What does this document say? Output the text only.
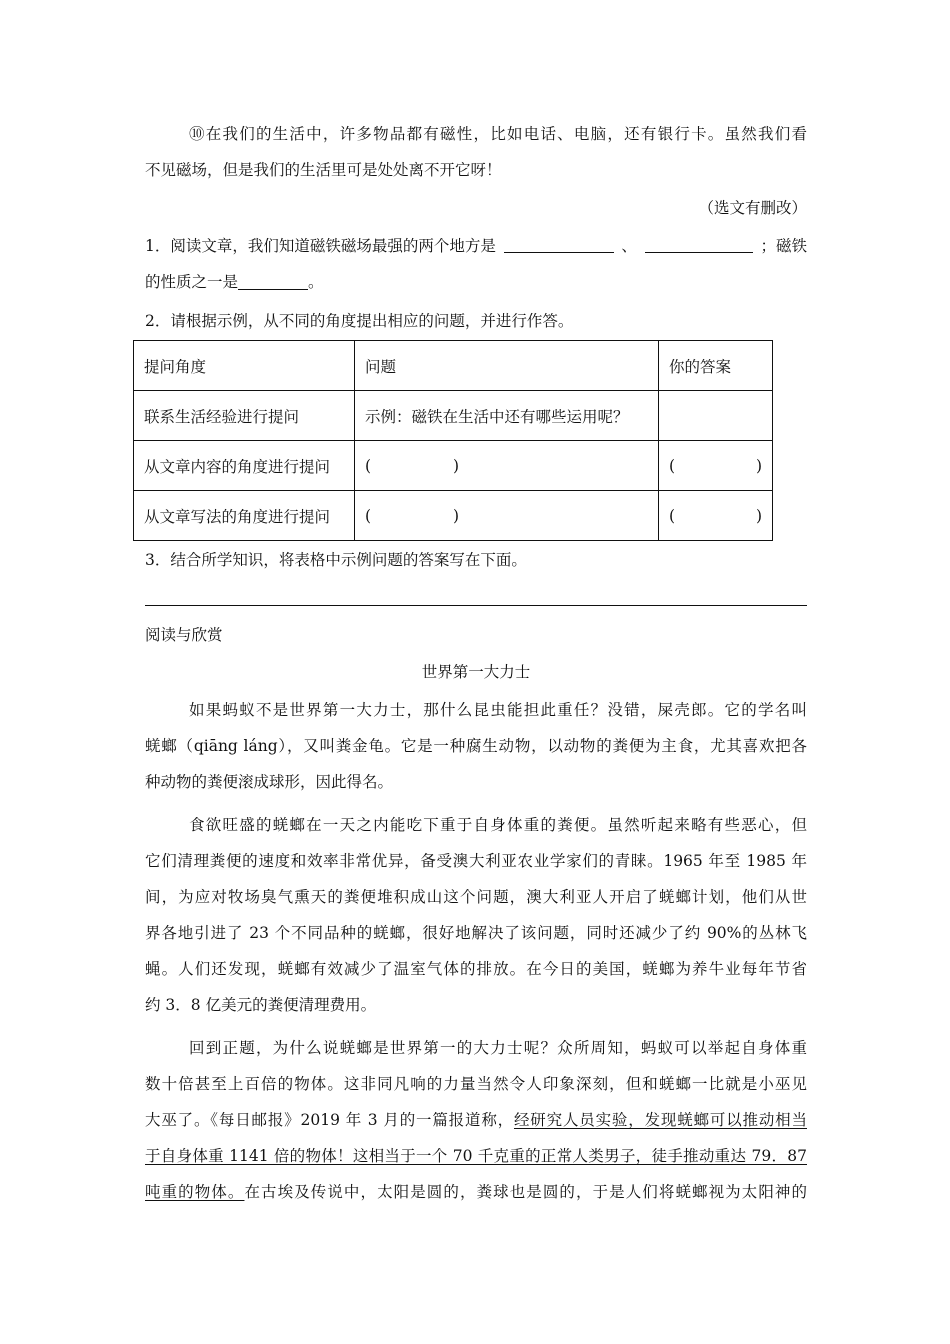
⑩在我们的生活中，许多物品都有磁性，比如电话、电脑，还有银行卡。虽然我们看
不见磁场，但是我们的生活里可是处处离不开它呀！
（选文有删改）
1．阅读文章，我们知道磁铁磁场最强的两个地方是	、	；磁铁
的性质之一是	。
2．请根据示例，从不同的角度提出相应的问题，并进行作答。
提问角度	问题	你的答案
联系生活经验进行提问	示例：磁铁在生活中还有哪些运用呢？	
从文章内容的角度进行提问	( )	( )

从文章写法的角度进行提问	( )	( )
3．结合所学知识，将表格中示例问题的答案写在下面。
阅读与欣赏
世界第一大力士
如果蚂蚁不是世界第一大力士，那什么昆虫能担此重任？没错，屎壳郎。它的学名叫
蜣螂（qiāng láng），又叫粪金龟。它是一种腐生动物，以动物的粪便为主食，尤其喜欢把各
种动物的粪便滚成球形，因此得名。
食欲旺盛的蜣螂在一天之内能吃下重于自身体重的粪便。虽然听起来略有些恶心，但
它们清理粪便的速度和效率非常优异，备受澳大利亚农业学家们的青睐。1965 年至 1985 年
间，为应对牧场臭气熏天的粪便堆积成山这个问题，澳大利亚人开启了蜣螂计划，他们从世
界各地引进了 23 个不同品种的蜣螂，很好地解决了该问题，同时还减少了约 90%的丛林飞
蝇。人们还发现，蜣螂有效减少了温室气体的排放。在今日的美国，蜣螂为养牛业每年节省
约 3．8 亿美元的粪便清理费用。
回到正题，为什么说蜣螂是世界第一的大力士呢？众所周知，蚂蚁可以举起自身体重
数十倍甚至上百倍的物体。这非同凡响的力量当然令人印象深刻，但和蜣螂一比就是小巫见
大巫了。《每日邮报》2019 年 3 月的一篇报道称，经研究人员实验，发现蜣螂可以推动相当
于自身体重 1141 倍的物体！这相当于一个 70 千克重的正常人类男子，徒手推动重达 79．87
吨重的物体。在古埃及传说中，太阳是圆的，粪球也是圆的，于是人们将蜣螂视为太阳神的
